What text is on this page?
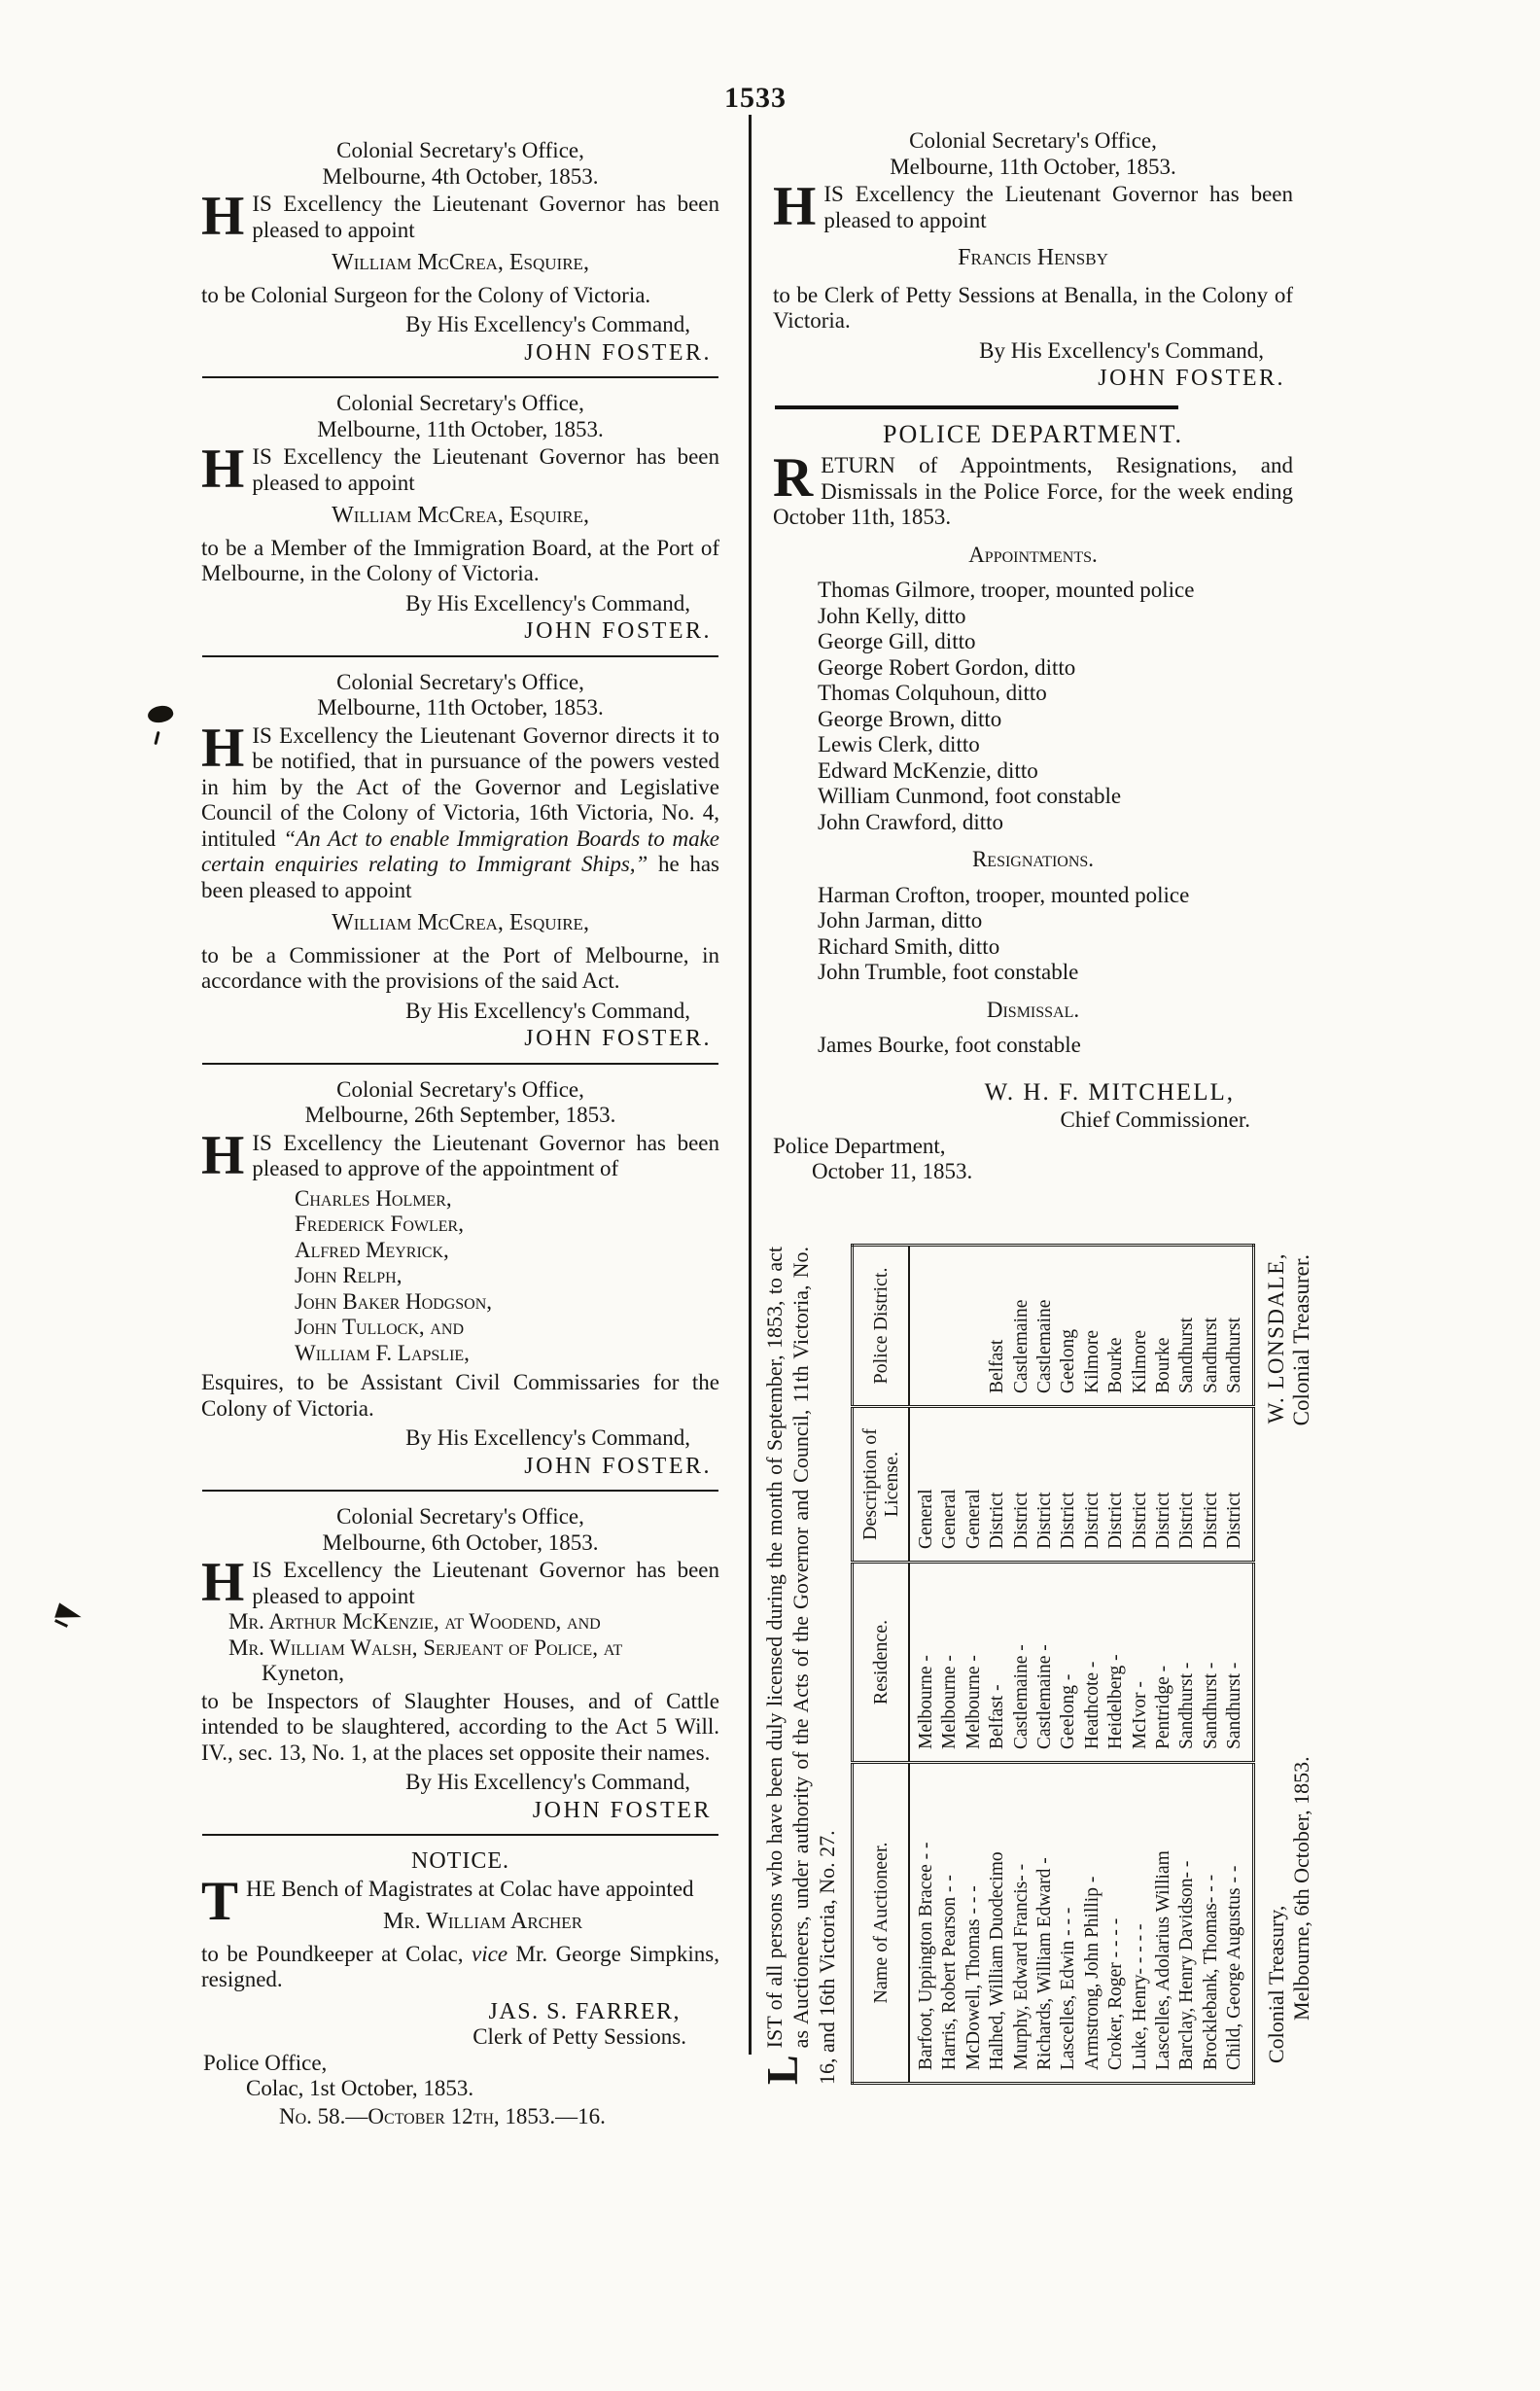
1533

Colonial Secretary's Office,

Melbourne, 4th October, 1853.

HIS Excellency the Lieutenant Governor has been pleased to appoint

William McCrea, Esquire,

to be Colonial Surgeon for the Colony of Victoria.

By His Excellency's Command,

JOHN FOSTER.

Colonial Secretary's Office,

Melbourne, 11th October, 1853.

HIS Excellency the Lieutenant Governor has been pleased to appoint

William McCrea, Esquire,

to be a Member of the Immigration Board, at the Port of Melbourne, in the Colony of Victoria.

By His Excellency's Command,

JOHN FOSTER.

Colonial Secretary's Office,

Melbourne, 11th October, 1853.

HIS Excellency the Lieutenant Governor directs it to be notified, that in pursuance of the powers vested in him by the Act of the Governor and Legislative Council of the Colony of Victoria, 16th Victoria, No. 4, intituled “An Act to enable Immigration Boards to make certain enquiries relating to Immigrant Ships,” he has been pleased to appoint

William McCrea, Esquire,

to be a Commissioner at the Port of Melbourne, in accordance with the provisions of the said Act.

By His Excellency's Command,

JOHN FOSTER.

Colonial Secretary's Office,

Melbourne, 26th September, 1853.

HIS Excellency the Lieutenant Governor has been pleased to approve of the appointment of

Charles Holmer,

Frederick Fowler,

Alfred Meyrick,

John Relph,

John Baker Hodgson,

John Tullock, and

William F. Lapslie,

Esquires, to be Assistant Civil Commissaries for the Colony of Victoria.

By His Excellency's Command,

JOHN FOSTER.

Colonial Secretary's Office,

Melbourne, 6th October, 1853.

HIS Excellency the Lieutenant Governor has been pleased to appoint

Mr. Arthur McKenzie, at Woodend, and

Mr. William Walsh, Serjeant of Police, at

Kyneton,

to be Inspectors of Slaughter Houses, and of Cattle intended to be slaughtered, according to the Act 5 Will. IV., sec. 13, No. 1, at the places set opposite their names.

By His Excellency's Command,

JOHN FOSTER

NOTICE.

THE Bench of Magistrates at Colac have appointed

Mr. William Archer

to be Poundkeeper at Colac, vice Mr. George Simpkins, resigned.

JAS. S. FARRER,

Clerk of Petty Sessions.

Police Office,

Colac, 1st October, 1853.

No. 58.—October 12th, 1853.—16.

Colonial Secretary's Office,

Melbourne, 11th October, 1853.

HIS Excellency the Lieutenant Governor has been pleased to appoint

Francis Hensby

to be Clerk of Petty Sessions at Benalla, in the Colony of Victoria.

By His Excellency's Command,

JOHN FOSTER.

POLICE DEPARTMENT.

RETURN of Appointments, Resignations, and Dismissals in the Police Force, for the week ending October 11th, 1853.

Appointments.

Thomas Gilmore, trooper, mounted police

John Kelly, ditto

George Gill, ditto

George Robert Gordon, ditto

Thomas Colquhoun, ditto

George Brown, ditto

Lewis Clerk, ditto

Edward McKenzie, ditto

William Cunmond, foot constable

John Crawford, ditto

Resignations.

Harman Crofton, trooper, mounted police

John Jarman, ditto

Richard Smith, ditto

John Trumble, foot constable

Dismissal.

James Bourke, foot constable

W. H. F. MITCHELL,

Chief Commissioner.

Police Department,

October 11, 1853.

L
IST of all persons who have been duly licensed during the month of September, 1853, to act as Auctioneers, under authority of the Acts of the Governor and Council, 11th Victoria, No. 16, and 16th Victoria, No. 27. Name of Auctioneer.	Residence.	Description of License.	Police District.
Barfoot, Uppington Bracee - -	Melbourne -	General	
Harris, Robert Pearson - -	Melbourne -	General	
McDowell, Thomas - - -	Melbourne -	General	
Halhed, William Duodecimo	Belfast -	District	Belfast
Murphy, Edward Francis- -	Castlemaine -	District	Castlemaine
Richards, William Edward -	Castlemaine -	District	Castlemaine
Lascelles, Edwin - - -	Geelong -	District	Geelong
Armstrong, John Phillip -	Heathcote -	District	Kilmore
Croker, Roger - - - -	Heidelberg -	District	Bourke
Luke, Henry- - - - -	McIvor -	District	Kilmore
Lascelles, Adolarius William	Pentridge -	District	Bourke
Barclay, Henry Davidson- -	Sandhurst -	District	Sandhurst
Brocklebank, Thomas- - -	Sandhurst -	District	Sandhurst
Child, George Augustus - -	Sandhurst -	District	Sandhurst

Colonial Treasury, Melbourne, 6th October, 1853.

W. LONSDALE, Colonial Treasurer.
